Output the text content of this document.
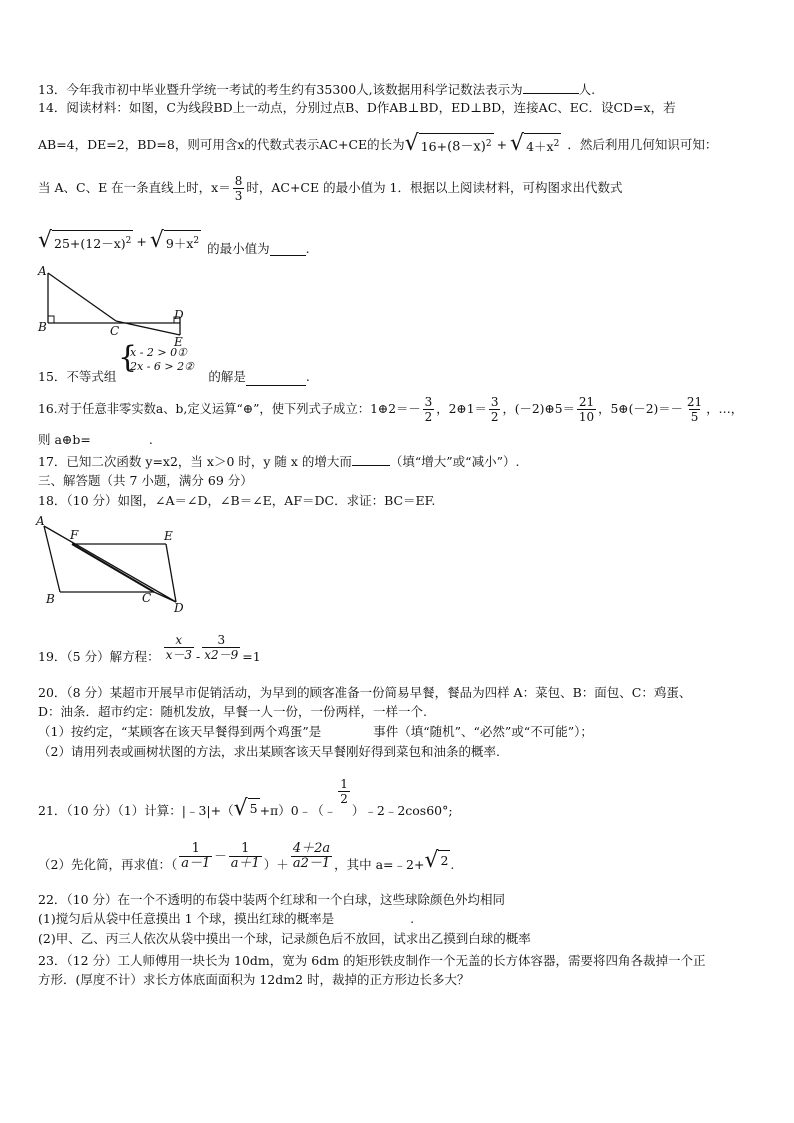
13．今年我市初中毕业暨升学统一考试的考生约有35300人,该数据用科学记数法表示为	人.
14．阅读材料：如图，C为线段BD上一动点，分别过点B、D作AB⊥BD，ED⊥BD，连接AC、EC．设CD=x，若
AB=4，DE=2，BD=8，则可用含x的代数式表示AC+CE的长为 √ $16+(8-x)^2$ + √ $4+x^2$ ．然后利用几何知识可知：
当 A、C、E 在一条直线上时，$x= \frac{8}{3}$ 时，AC+CE 的最小值为 1．根据以上阅读材料，可构图求出代数式
√ $25+(12-x)^2$ + √ $9+x^2$ 的最小值为	.
A
B	C
D
E
15．不等式组
{
x - 2 > 0①
2x - 6 > 2②
的解是	.
16.对于任意非零实数a、b,定义运算“⊕”，使下列式子成立：1⊕2＝－ $\frac{3}{2}$ ，2⊕1＝ $\frac{3}{2}$ ，(－2)⊕5＝ $\frac{21}{10}$ ，5⊕(－2)＝－ $\frac{21}{5}$ ，…，
则 a⊕b=	.
17．已知二次函数 y=x2，当 x＞0 时，y 随 x 的增大而	（填“增大”或“减小”）.
三、解答题（共 7 小题，满分 69 分）
18．（10 分）如图，∠A＝∠D，∠B＝∠E，AF＝DC．求证：BC＝EF.
A
F	E
B	C
D
19．（5 分）解方程： $\frac{x}{x-3} - \frac{3}{x2-9} =1$
20．（8 分）某超市开展早市促销活动，为早到的顾客准备一份简易早餐，餐品为四样 A：菜包、B：面包、C：鸡蛋、
D：油条．超市约定：随机发放，早餐一人一份，一份两样，一样一个.
（1）按约定，“某顾客在该天早餐得到两个鸡蛋”是	事件（填“随机”、“必然”或“不可能”）；
（2）请用列表或画树状图的方法，求出某顾客该天早餐刚好得到菜包和油条的概率.
21．（10 分）（1）计算：|﹣3|+（ √ 5 +π）0﹣（﹣
$\frac{1}{2}$
）﹣2﹣2cos60°;
（2）先化简，再求值：（ $\frac{1}{a-1} - \frac{1}{a+1}$ ）＋ $\frac{4+2a}{a2-1}$ ，其中 a=﹣2+ √ 2 .
22．（10 分）在一个不透明的布袋中装两个红球和一个白球，这些球除颜色外均相同
(1)搅匀后从袋中任意摸出 1 个球，摸出红球的概率是	.
(2)甲、乙、丙三人依次从袋中摸出一个球，记录颜色后不放回，试求出乙摸到白球的概率
23．（12 分）工人师傅用一块长为 10dm，宽为 6dm 的矩形铁皮制作一个无盖的长方体容器，需要将四角各裁掉一个正
方形．(厚度不计）求长方体底面面积为 12dm2 时，裁掉的正方形边长多大？
